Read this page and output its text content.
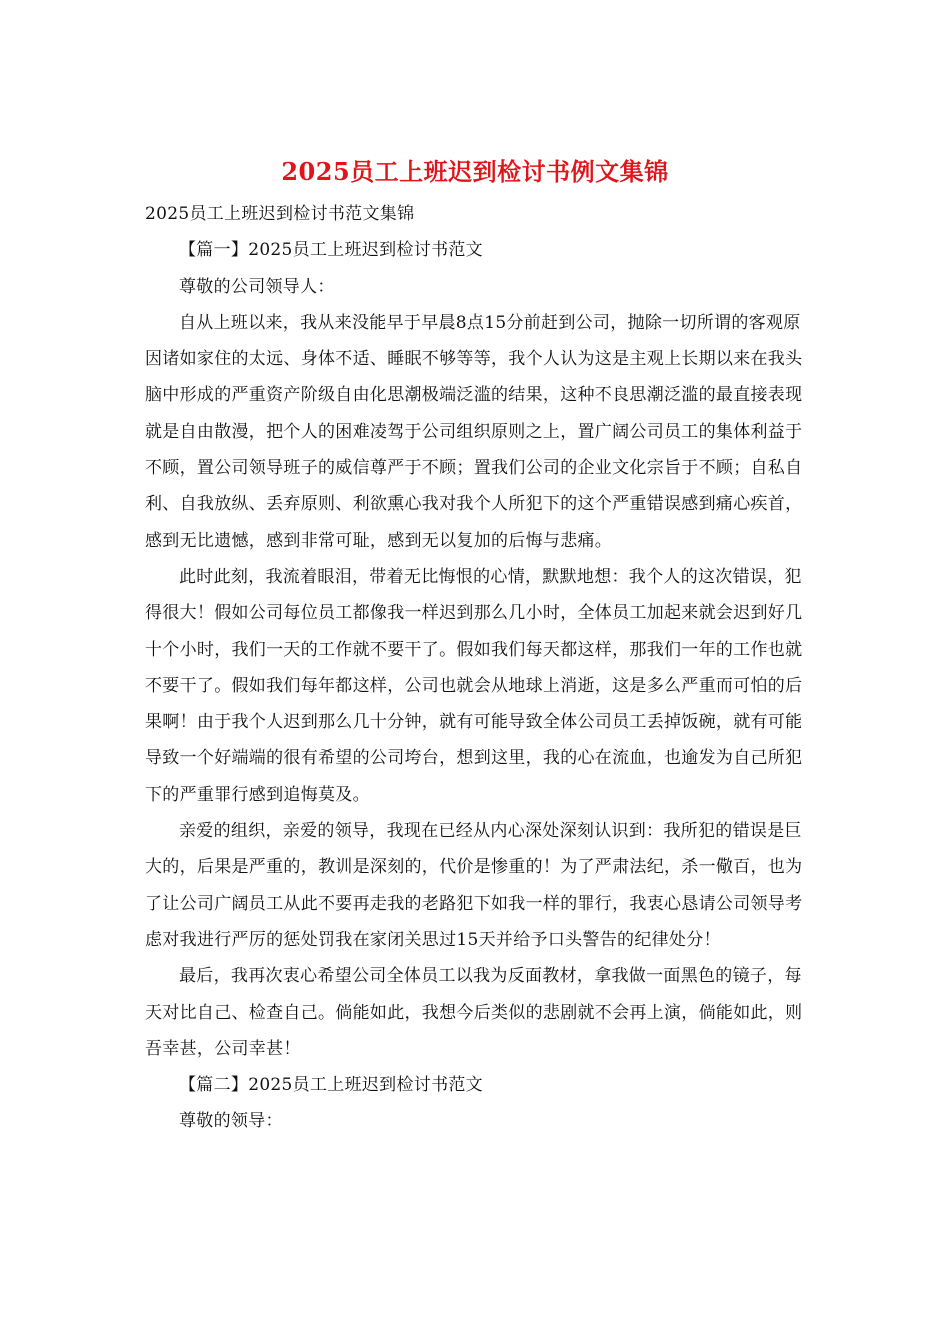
2025员工上班迟到检讨书例文集锦

2025员工上班迟到检讨书范文集锦

【篇一】2025员工上班迟到检讨书范文

尊敬的公司领导人：

自从上班以来，我从来没能早于早晨8点15分前赶到公司，抛除一切所谓的客观原因诸如家住的太远、身体不适、睡眠不够等等，我个人认为这是主观上长期以来在我头脑中形成的严重资产阶级自由化思潮极端泛滥的结果，这种不良思潮泛滥的最直接表现就是自由散漫，把个人的困难凌驾于公司组织原则之上，置广阔公司员工的集体利益于不顾，置公司领导班子的威信尊严于不顾；置我们公司的企业文化宗旨于不顾；自私自利、自我放纵、丢弃原则、利欲熏心我对我个人所犯下的这个严重错误感到痛心疾首，感到无比遗憾，感到非常可耻，感到无以复加的后悔与悲痛。

此时此刻，我流着眼泪，带着无比悔恨的心情，默默地想：我个人的这次错误，犯得很大！假如公司每位员工都像我一样迟到那么几小时，全体员工加起来就会迟到好几十个小时，我们一天的工作就不要干了。假如我们每天都这样，那我们一年的工作也就不要干了。假如我们每年都这样，公司也就会从地球上消逝，这是多么严重而可怕的后果啊！由于我个人迟到那么几十分钟，就有可能导致全体公司员工丢掉饭碗，就有可能导致一个好端端的很有希望的公司垮台，想到这里，我的心在流血，也逾发为自己所犯下的严重罪行感到追悔莫及。

亲爱的组织，亲爱的领导，我现在已经从内心深处深刻认识到：我所犯的错误是巨大的，后果是严重的，教训是深刻的，代价是惨重的！为了严肃法纪，杀一儆百，也为了让公司广阔员工从此不要再走我的老路犯下如我一样的罪行，我衷心恳请公司领导考虑对我进行严厉的惩处罚我在家闭关思过15天并给予口头警告的纪律处分！

最后，我再次衷心希望公司全体员工以我为反面教材，拿我做一面黑色的镜子，每天对比自己、检查自己。倘能如此，我想今后类似的悲剧就不会再上演，倘能如此，则吾幸甚，公司幸甚！

【篇二】2025员工上班迟到检讨书范文

尊敬的领导：
